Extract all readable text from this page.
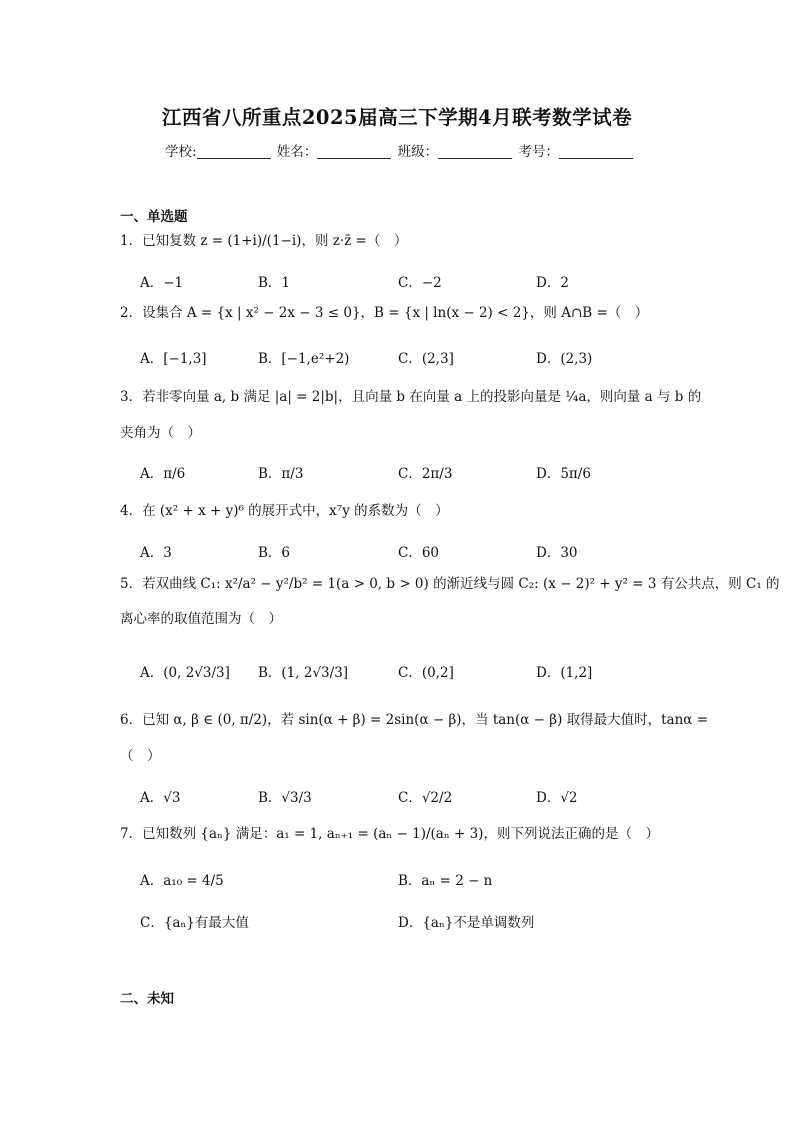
江西省八所重点2025届高三下学期4月联考数学试卷
学校:	姓名：	班级：	考号：
一、单选题
1．已知复数 z = (1+i)/(1−i)，则 z·z̄ =（　）
A．−1	B．1	C．−2	D．2
2．设集合 A = {x | x² − 2x − 3 ≤ 0}，B = {x | ln(x − 2) < 2}，则 A∩B =（　）
A．[−1,3]	B．[−1,e²+2)	C．(2,3]	D．(2,3)
3．若非零向量 a, b 满足 |a| = 2|b|，且向量 b 在向量 a 上的投影向量是 ¼a，则向量 a 与 b 的
夹角为（　）
A．π/6	B．π/3	C．2π/3	D．5π/6
4．在 (x² + x + y)⁶ 的展开式中，x⁷y 的系数为（　）
A．3	B．6	C．60	D．30
5．若双曲线 C₁: x²/a² − y²/b² = 1(a > 0, b > 0) 的渐近线与圆 C₂: (x − 2)² + y² = 3 有公共点，则 C₁ 的
离心率的取值范围为（　）
A．(0, 2√3/3] B．(1, 2√3/3]	C．(0,2]	D．(1,2]
6．已知 α, β ∈ (0, π/2)，若 sin(α + β) = 2sin(α − β)，当 tan(α − β) 取得最大值时，tanα =
（　）
A．√3	B．√3/3	C．√2/2	D．√2
7．已知数列 {aₙ} 满足：a₁ = 1, aₙ₊₁ = (aₙ − 1)/(aₙ + 3)，则下列说法正确的是（　）
A．a₁₀ = 4/5	B．aₙ = 2 − n
C．{aₙ}有最大值	D．{aₙ}不是单调数列
二、未知
